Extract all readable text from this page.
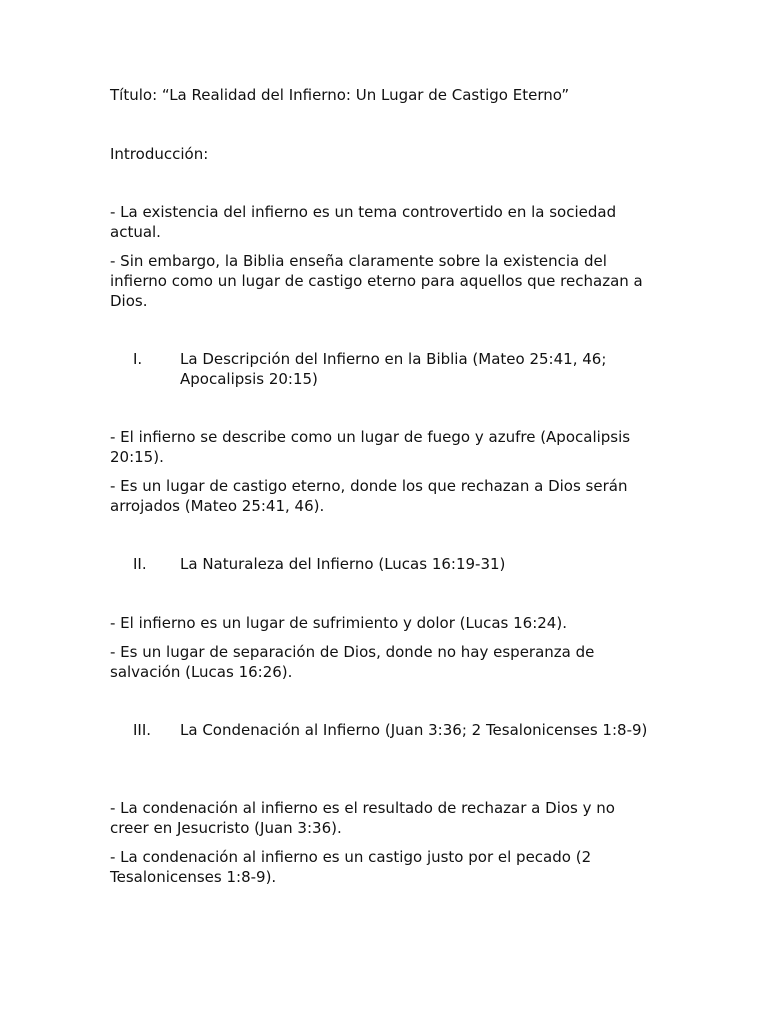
Título: “La Realidad del Infierno: Un Lugar de Castigo Eterno”

Introducción:

- La existencia del infierno es un tema controvertido en la sociedad actual.

- Sin embargo, la Biblia enseña claramente sobre la existencia del infierno como un lugar de castigo eterno para aquellos que rechazan a Dios.

I.	La Descripción del Infierno en la Biblia (Mateo 25:41, 46; Apocalipsis 20:15)

- El infierno se describe como un lugar de fuego y azufre (Apocalipsis 20:15).

- Es un lugar de castigo eterno, donde los que rechazan a Dios serán arrojados (Mateo 25:41, 46).

II. La Naturaleza del Infierno (Lucas 16:19-31)

- El infierno es un lugar de sufrimiento y dolor (Lucas 16:24).

- Es un lugar de separación de Dios, donde no hay esperanza de salvación (Lucas 16:26).

III. La Condenación al Infierno (Juan 3:36; 2 Tesalonicenses 1:8-9)

- La condenación al infierno es el resultado de rechazar a Dios y no creer en Jesucristo (Juan 3:36).

- La condenación al infierno es un castigo justo por el pecado (2 Tesalonicenses 1:8-9).
